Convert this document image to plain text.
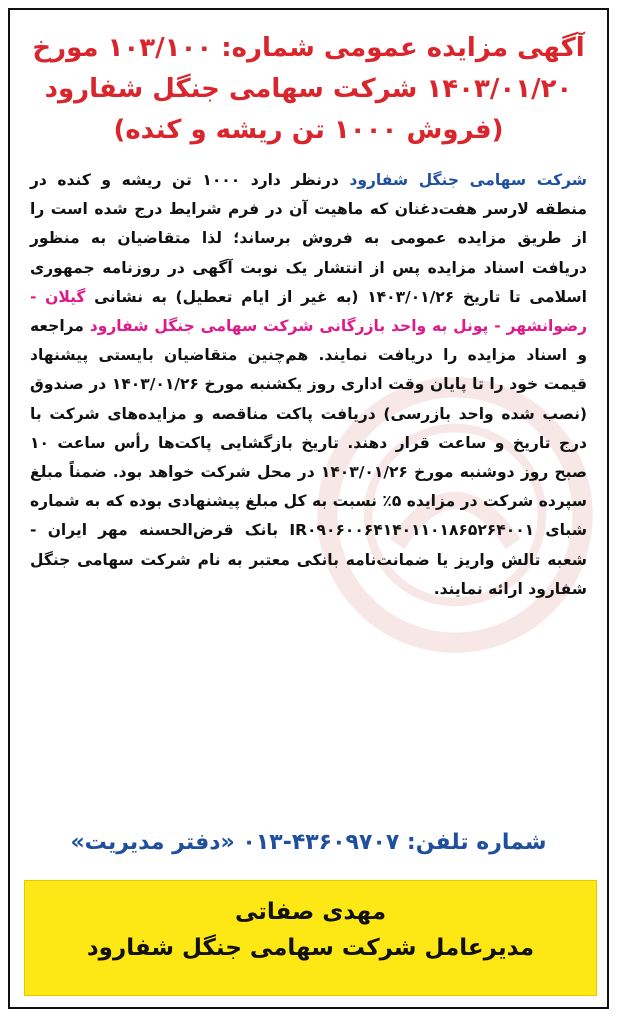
آگهی مزایده عمومی شماره: ۱۰۳/۱۰۰ مورخ
۱۴۰۳/۰۱/۲۰ شرکت سهامی جنگل شفارود
(فروش ۱۰۰۰ تن ریشه و کنده)
شرکت سهامی جنگل شفارود درنظر دارد ۱۰۰۰ تن ریشه و کنده در منطقه لارسر هفت‌دغنان که ماهیت آن در فرم شرایط درج شده است را از طریق مزایده عمومی به فروش برساند؛ لذا متقاضیان به منظور دریافت اسناد مزایده پس از انتشار یک نوبت آگهی در روزنامه جمهوری اسلامی تا تاریخ ۱۴۰۳/۰۱/۲۶ (به غیر از ایام تعطیل) به نشانی گیلان - رضوانشهر - پونل به واحد بازرگانی شرکت سهامی جنگل شفارود مراجعه و اسناد مزایده را دریافت نمایند. هم‌چنین متقاضیان بایستی پیشنهاد قیمت خود را تا پایان وقت اداری روز یکشنبه مورخ ۱۴۰۳/۰۱/۲۶ در صندوق (نصب شده واحد بازرسی) دریافت پاکت مناقصه و مزایده‌های شرکت با درج تاریخ و ساعت قرار دهند. تاریخ بازگشایی پاکت‌ها رأس ساعت ۱۰ صبح روز دوشنبه مورخ ۱۴۰۳/۰۱/۲۶ در محل شرکت خواهد بود. ضمناً مبلغ سپرده شرکت در مزایده ۵٪ نسبت به کل مبلغ پیشنهادی بوده که به شماره شبای IR۰۹۰۶۰۰۶۴۱۴۰۱۱۰۱۸۶۵۲۶۴۰۰۱ بانک قرض‌الحسنه مهر ایران - شعبه تالش واریز یا ضمانت‌نامه بانکی معتبر به نام شرکت سهامی جنگل شفارود ارائه نمایند.
شماره تلفن: ۴۳۶۰۹۷۰۷-۰۱۳ «دفتر مدیریت»
مهدی صفاتی
مدیرعامل شرکت سهامی جنگل شفارود
